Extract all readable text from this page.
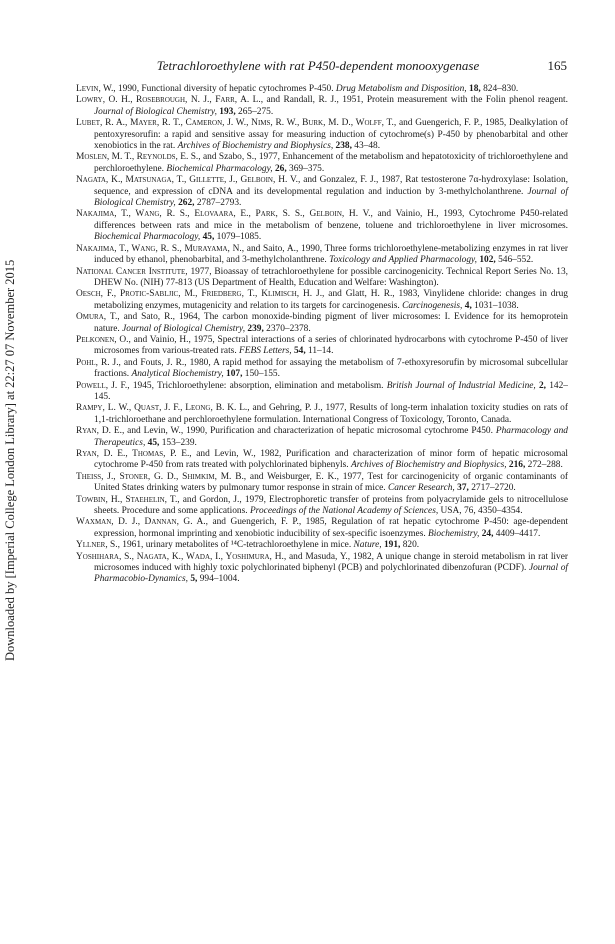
Tetrachloroethylene with rat P450-dependent monooxygenase	165
Downloaded by [Imperial College London Library] at 22:27 07 November 2015
Levin, W., 1990, Functional diversity of hepatic cytochromes P-450. Drug Metabolism and Disposition, 18, 824–830.
Lowry, O. H., Rosebrough, N. J., Farr, A. L., and Randall, R. J., 1951, Protein measurement with the Folin phenol reagent. Journal of Biological Chemistry, 193, 265–275.
Lubet, R. A., Mayer, R. T., Cameron, J. W., Nims, R. W., Burk, M. D., Wolff, T., and Guengerich, F. P., 1985, Dealkylation of pentoxyresorufin: a rapid and sensitive assay for measuring induction of cytochrome(s) P-450 by phenobarbital and other xenobiotics in the rat. Archives of Biochemistry and Biophysics, 238, 43–48.
Moslen, M. T., Reynolds, E. S., and Szabo, S., 1977, Enhancement of the metabolism and hepatotoxicity of trichloroethylene and perchloroethylene. Biochemical Pharmacology, 26, 369–375.
Nagata, K., Matsunaga, T., Gillette, J., Gelboin, H. V., and Gonzalez, F. J., 1987, Rat testosterone 7α-hydroxylase: Isolation, sequence, and expression of cDNA and its developmental regulation and induction by 3-methylcholanthrene. Journal of Biological Chemistry, 262, 2787–2793.
Nakajima, T., Wang, R. S., Elovaara, E., Park, S. S., Gelboin, H. V., and Vainio, H., 1993, Cytochrome P450-related differences between rats and mice in the metabolism of benzene, toluene and trichloroethylene in liver microsomes. Biochemical Pharmacology, 45, 1079–1085.
Nakajima, T., Wang, R. S., Murayama, N., and Saito, A., 1990, Three forms trichloroethylene-metabolizing enzymes in rat liver induced by ethanol, phenobarbital, and 3-methylcholanthrene. Toxicology and Applied Pharmacology, 102, 546–552.
National Cancer Institute, 1977, Bioassay of tetrachloroethylene for possible carcinogenicity. Technical Report Series No. 13, DHEW No. (NIH) 77-813 (US Department of Health, Education and Welfare: Washington).
Oesch, F., Protic-Sabljic, M., Friedberg, T., Klimisch, H. J., and Glatt, H. R., 1983, Vinylidene chloride: changes in drug metabolizing enzymes, mutagenicity and relation to its targets for carcinogenesis. Carcinogenesis, 4, 1031–1038.
Omura, T., and Sato, R., 1964, The carbon monoxide-binding pigment of liver microsomes: I. Evidence for its hemoprotein nature. Journal of Biological Chemistry, 239, 2370–2378.
Pelkonen, O., and Vainio, H., 1975, Spectral interactions of a series of chlorinated hydrocarbons with cytochrome P-450 of liver microsomes from various-treated rats. FEBS Letters, 54, 11–14.
Pohl, R. J., and Fouts, J. R., 1980, A rapid method for assaying the metabolism of 7-ethoxyresorufin by microsomal subcellular fractions. Analytical Biochemistry, 107, 150–155.
Powell, J. F., 1945, Trichloroethylene: absorption, elimination and metabolism. British Journal of Industrial Medicine, 2, 142–145.
Rampy, L. W., Quast, J. F., Leong, B. K. L., and Gehring, P. J., 1977, Results of long-term inhalation toxicity studies on rats of 1,1-trichloroethane and perchloroethylene formulation. International Congress of Toxicology, Toronto, Canada.
Ryan, D. E., and Levin, W., 1990, Purification and characterization of hepatic microsomal cytochrome P450. Pharmacology and Therapeutics, 45, 153–239.
Ryan, D. E., Thomas, P. E., and Levin, W., 1982, Purification and characterization of minor form of hepatic microsomal cytochrome P-450 from rats treated with polychlorinated biphenyls. Archives of Biochemistry and Biophysics, 216, 272–288.
Theiss, J., Stoner, G. D., Shimkim, M. B., and Weisburger, E. K., 1977, Test for carcinogenicity of organic contaminants of United States drinking waters by pulmonary tumor response in strain of mice. Cancer Research, 37, 2717–2720.
Towbin, H., Staehelin, T., and Gordon, J., 1979, Electrophoretic transfer of proteins from polyacrylamide gels to nitrocellulose sheets. Procedure and some applications. Proceedings of the National Academy of Sciences, USA, 76, 4350–4354.
Waxman, D. J., Dannan, G. A., and Guengerich, F. P., 1985, Regulation of rat hepatic cytochrome P-450: age-dependent expression, hormonal imprinting and xenobiotic inducibility of sex-specific isoenzymes. Biochemistry, 24, 4409–4417.
Yllner, S., 1961, urinary metabolites of ¹⁴C-tetrachloroethylene in mice. Nature, 191, 820.
Yoshihara, S., Nagata, K., Wada, I., Yoshimura, H., and Masuda, Y., 1982, A unique change in steroid metabolism in rat liver microsomes induced with highly toxic polychlorinated biphenyl (PCB) and polychlorinated dibenzofuran (PCDF). Journal of Pharmacobio-Dynamics, 5, 994–1004.
